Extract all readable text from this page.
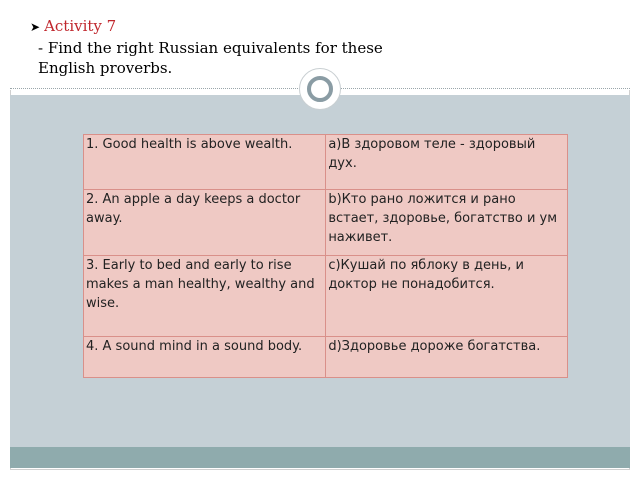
➤ Activity 7
- Find the right Russian equivalents for these
English proverbs.
1. Good health is above wealth.	a)В здоровом теле - здоровый дух.
2. An apple a day keeps a doctor away.	b)Кто рано ложится и рано встает, здоровье, богатство и ум наживет.
3. Early to bed and early to rise makes a man healthy, wealthy and wise.	c)Кушай по яблоку в день, и доктор не понадобится.
4. A sound mind in a sound body.	d)Здоровье дороже богатства.
